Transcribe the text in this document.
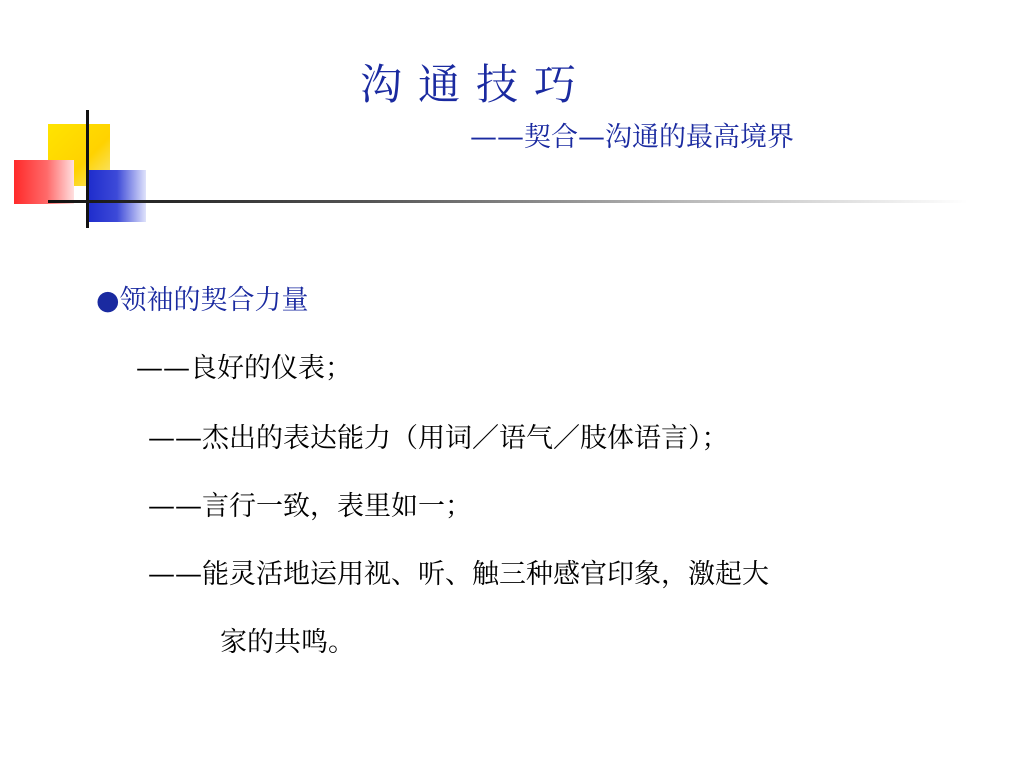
沟通技巧

——契合—沟通的最高境界

●领袖的契合力量
——良好的仪表；
——杰出的表达能力（用词／语气／肢体语言）；
——言行一致，表里如一；
——能灵活地运用视、听、触三种感官印象，激起大
家的共鸣。
